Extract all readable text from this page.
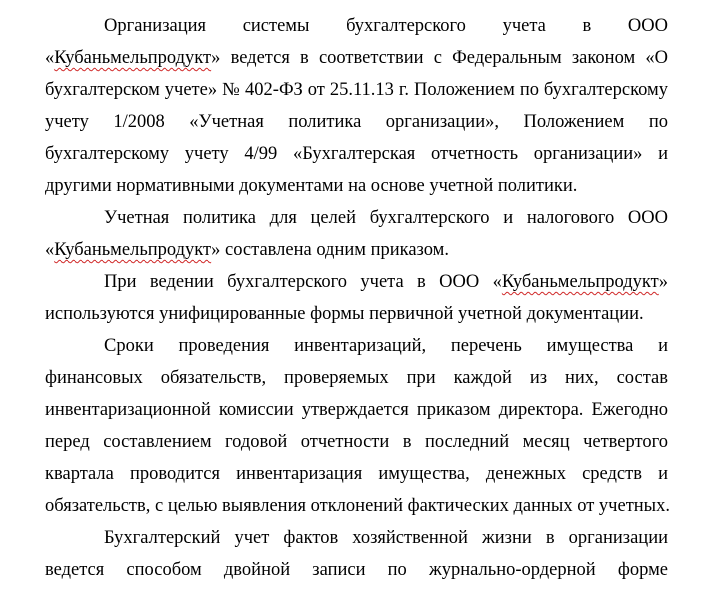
Организация системы бухгалтерского учета в ООО
«Кубаньмельпродукт» ведется в соответствии с Федеральным законом «О
бухгалтерском учете» № 402-ФЗ от 25.11.13 г. Положением по бухгалтерскому
учету 1/2008 «Учетная политика организации», Положением по
бухгалтерскому учету 4/99 «Бухгалтерская отчетность организации» и
другими нормативными документами на основе учетной политики.
Учетная политика для целей бухгалтерского и налогового ООО
«Кубаньмельпродукт» составлена одним приказом.
При ведении бухгалтерского учета в ООО «Кубаньмельпродукт»
используются унифицированные формы первичной учетной документации.
Сроки проведения инвентаризаций, перечень имущества и
финансовых обязательств, проверяемых при каждой из них, состав
инвентаризационной комиссии утверждается приказом директора. Ежегодно
перед составлением годовой отчетности в последний месяц четвертого
квартала проводится инвентаризация имущества, денежных средств и
обязательств, с целью выявления отклонений фактических данных от учетных.
Бухгалтерский учет фактов хозяйственной жизни в организации
ведется способом двойной записи по журнально-ордерной форме
